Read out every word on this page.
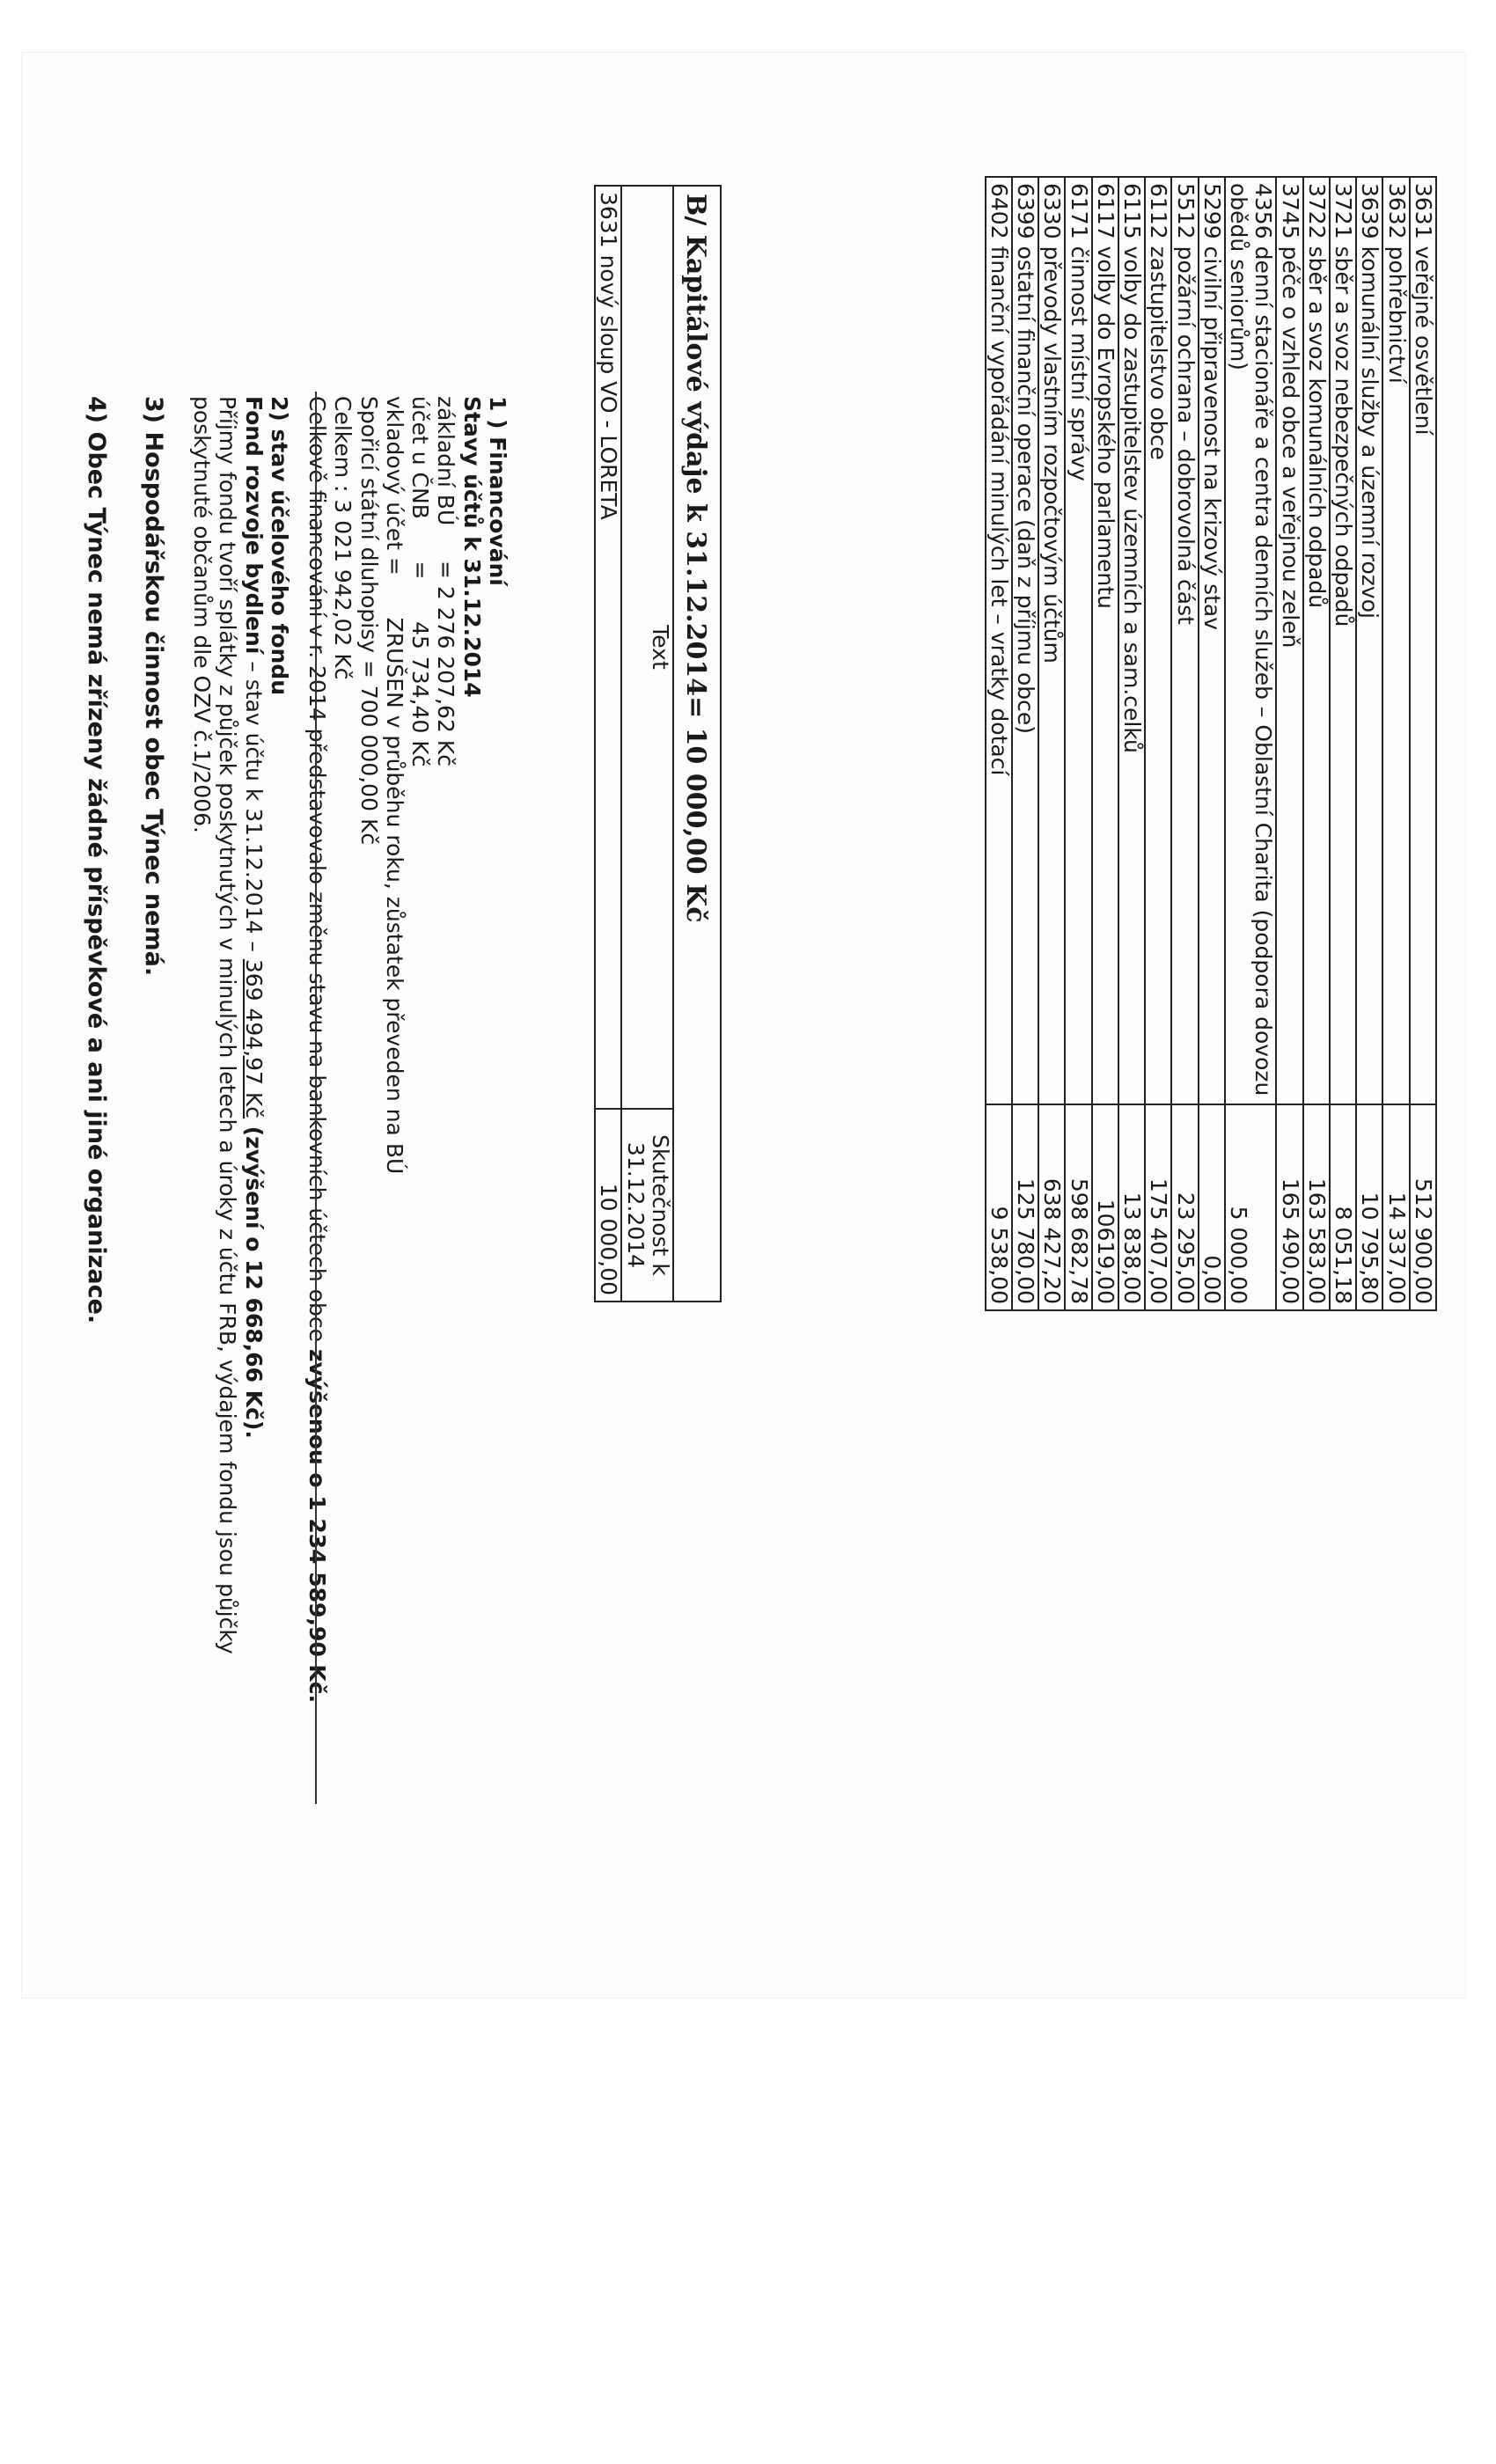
3631 veřejné osvětlení	512 900,00
3632 pohřebnictví	14 337,00
3639 komunální služby a územní rozvoj	10 795,80
3721 sběr a svoz nebezpečných odpadů	8 051,18
3722 sběr a svoz komunálních odpadů	163 583,00
3745 péče o vzhled obce a veřejnou zeleň	165 490,00
4356 denní stacionáře a centra denních služeb – Oblastní Charita (podpora dovozu obědů seniorům)	5 000,00
5299 civilní připravenost na krizový stav	0,00
5512 požární ochrana – dobrovolná část	23 295,00
6112 zastupitelstvo obce	175 407,00
6115 volby do zastupitelstev územních a sam.celků	13 838,00
6117 volby do Evropského parlamentu	10619,00
6171 činnost místní správy	598 682,78
6330 převody vlastním rozpočtovým účtům	638 427,20
6399 ostatní finanční operace (daň z příjmu obce)	125 780,00
6402 finanční vypořádání minulých let – vratky dotací	9 538,00
B/ Kapitálové výdaje k 31.12.2014= 10 000,00 Kč
Text	Skutečnost k 31.12.2014
3631 nový sloup VO - LORETA	10 000,00
1 ) Financování
Stavy účtů k 31.12.2014
základní BÚ     = 2 276 207,62 Kč
účet u ČNB      =      45 734,40 Kč
vkladový účet =      ZRUŠEN v průběhu roku, zůstatek převeden na BÚ
Spořicí státní dluhopisy = 700 000,00 Kč
Celkem : 3 021 942,02 Kč
Celkově financování v r. 2014 představovalo změnu stavu na bankovních účtech obce zvýšenou o 1 234 589,90 Kč.
2) stav účelového fondu
Fond rozvoje bydlení – stav účtu k 31.12.2014 – 369 494,97 Kč (zvýšení o 12 668,66 Kč).
Příjmy fondu tvoří splátky z půjček poskytnutých v minulých letech a úroky z účtu FRB, výdajem fondu jsou půjčky poskytnuté občanům dle OZV č.1/2006.
3) Hospodářskou činnost obec Týnec nemá.
4) Obec Týnec nemá zřízeny žádné příspěvkové a ani jiné organizace.
